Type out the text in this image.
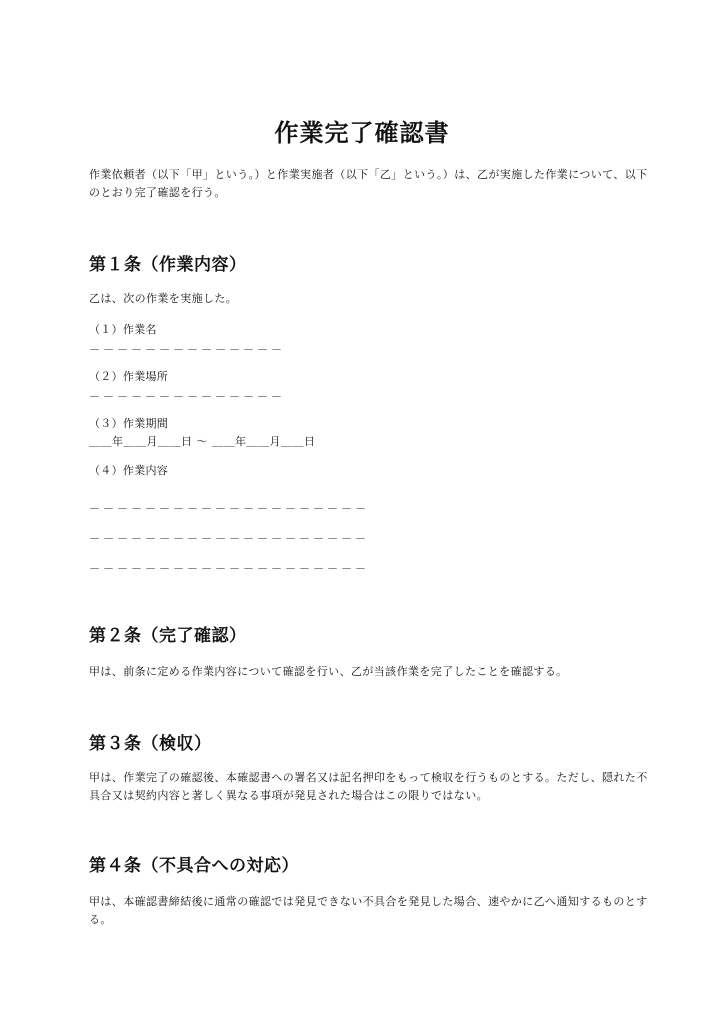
作業完了確認書
作業依頼者（以下「甲」という。）と作業実施者（以下「乙」という。）は、乙が実施した作業について、以下のとおり完了確認を行う。
第１条（作業内容）
乙は、次の作業を実施した。
（１）作業名
－－－－－－－－－－－－－－
（２）作業場所
－－－－－－－－－－－－－－
（３）作業期間
＿＿年＿＿月＿＿日 ～ ＿＿年＿＿月＿＿日
（４）作業内容
－－－－－－－－－－－－－－－－－－－－
－－－－－－－－－－－－－－－－－－－－
－－－－－－－－－－－－－－－－－－－－
第２条（完了確認）
甲は、前条に定める作業内容について確認を行い、乙が当該作業を完了したことを確認する。
第３条（検収）
甲は、作業完了の確認後、本確認書への署名又は記名押印をもって検収を行うものとする。ただし、隠れた不具合又は契約内容と著しく異なる事項が発見された場合はこの限りではない。
第４条（不具合への対応）
甲は、本確認書締結後に通常の確認では発見できない不具合を発見した場合、速やかに乙へ通知するものとする。
